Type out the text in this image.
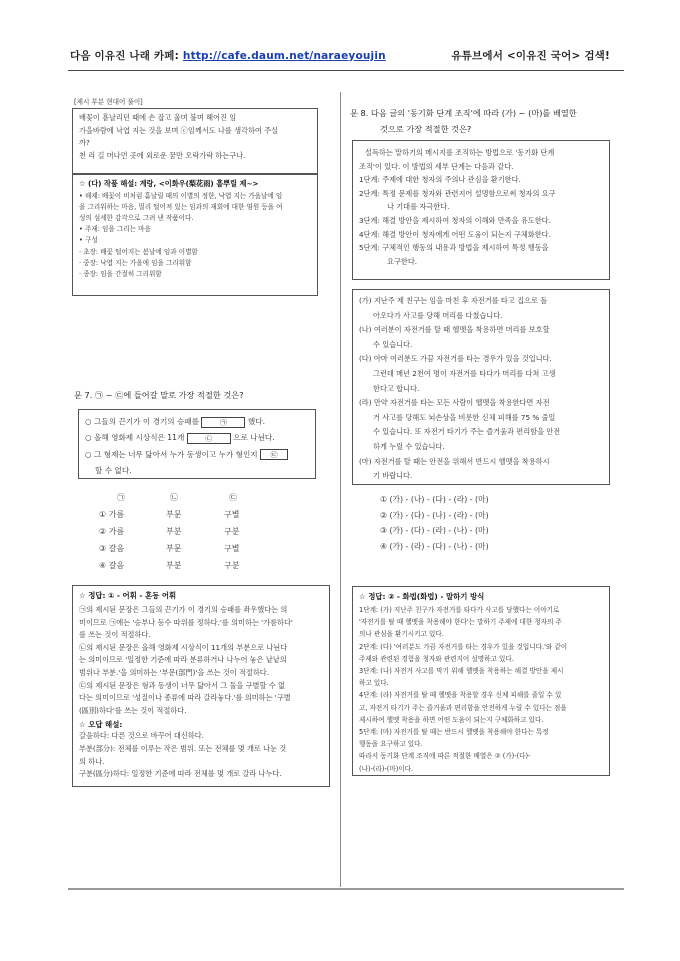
다음 이유진 나래 카페: http://cafe.daum.net/naraeyoujin	유튜브에서 <이유진 국어> 검색!
[제시 부분 현대어 풀이]
배꽃이 흩날리던 때에 손 잡고 울며 불며 헤어진 임
가을바람에 낙엽 지는 것을 보며 ⓒ임께서도 나를 생각하여 주실
까?
천 리 길 머나먼 곳에 외로운 꿈만 오락가락 하는구나.
☆ (다) 작품 해설: 계랑, <이화우(梨花雨) 흩뿌릴 제~>
• 해제: 배꽃이 비처럼 흩날릴 때의 이별의 정한, 낙엽 지는 가을날에 임
을 그리워하는 마음, 멀리 떨어져 있는 임과의 재회에 대한 염원 등을 여
성의 섬세한 감각으로 그려 낸 작품이다.
• 주제: 임을 그리는 마음
• 구성
· 초장: 배꽃 떨어지는 봄날에 임과 이별함
· 중장: 낙엽 지는 가을에 임을 그리워함
· 종장: 임을 간절히 그리워함
문 7. ㉠ ~ ㉢에 들어갈 말로 가장 적절한 것은?
○ 그들의 끈기가 이 경기의 승패를	㉠	했다.
○ 올해 영화제 시상식은 11개	㉡	으로 나뉜다.
○ 그 형제는 너무 닮아서 누가 동생이고 누가 형인지 ㉢
할 수 없다.
㉠	㉡	㉢
① 가름	부문	구별
② 가름	부분	구분
③ 갈음	부문	구별
④ 갈음	부분	구분
☆ 정답: ① - 어휘 - 혼동 어휘
㉠의 제시된 문장은 그들의 끈기가 이 경기의 승패를 좌우했다는 의
미이므로 ㉠에는 '승부나 등수 따위를 정하다.'를 의미하는 '가름하다'
를 쓰는 것이 적절하다.
㉡의 제시된 문장은 올해 영화제 시상식이 11개의 부분으로 나뉜다
는 의미이므로 '일정한 기준에 따라 분류하거나 나누어 놓은 낱낱의
범위나 부분.'을 의미하는 '부문(部門)'을 쓰는 것이 적절하다.
㉢의 제시된 문장은 형과 동생이 너무 닮아서 그 둘을 구별할 수 없
다는 의미이므로 '성질이나 종류에 따라 갈라놓다.'를 의미하는 '구별
(區別)하다'를 쓰는 것이 적절하다.
☆ 오답 해설:
갈음하다: 다른 것으로 바꾸어 대신하다.
부분(部分): 전체를 이루는 작은 범위. 또는 전체를 몇 개로 나눈 것
의 하나.
구분(區分)하다: 일정한 기준에 따라 전체를 몇 개로 갈라 나누다.
문 8. 다음 글의 '동기화 단계 조직'에 따라 (가) ~ (마)를 배열한
것으로 가장 적절한 것은?
설득하는 말하기의 메시지를 조직하는 방법으로 '동기화 단계
조직'이 있다. 이 방법의 세부 단계는 다음과 같다.
1단계: 주제에 대한 청자의 주의나 관심을 환기한다.
2단계: 특정 문제를 청자와 관련지어 설명함으로써 청자의 요구
나 기대를 자극한다.
3단계: 해결 방안을 제시하여 청자의 이해와 만족을 유도한다.
4단계: 해결 방안이 청자에게 어떤 도움이 되는지 구체화한다.
5단계: 구체적인 행동의 내용과 방법을 제시하여 특정 행동을
요구한다.
(가) 지난주 제 친구는 임을 마친 후 자전거를 타고 집으로 돌
아오다가 사고를 당해 머리를 다쳤습니다.
(나) 여러분이 자전거를 탈 때 헬멧을 착용하면 머리를 보호할
수 있습니다.
(다) 아마 여러분도 가끔 자전거를 타는 경우가 있을 것입니다.
그런데 매년 2천여 명이 자전거를 타다가 머리를 다쳐 고생
한다고 합니다.
(라) 만약 자전거를 타는 모든 사람이 헬멧을 착용한다면 자전
거 사고를 당해도 뇌손상을 비롯한 신체 피해를 75 % 줄일
수 있습니다. 또 자전거 타기가 주는 즐거움과 편리함을 안전
하게 누릴 수 있습니다.
(마) 자전거를 탈 때는 안전을 위해서 반드시 헬멧을 착용하시
기 바랍니다.
① (가) - (나) - (다) - (라) - (마)
② (가) - (다) - (나) - (라) - (마)
③ (가) - (다) - (라) - (나) - (마)
④ (가) - (라) - (다) - (나) - (마)
☆ 정답: ② - 화법(화법) - 말하기 방식
1단계: (가) 지난주 친구가 자전거를 타다가 사고를 당했다는 이야기로
'자전거를 탈 때 헬멧을 착용해야 한다'는 말하기 주제에 대한 청자의 주
의나 관심을 환기시키고 있다.
2단계: (다) '여러분도 가끔 자전거를 타는 경우가 있을 것입니다.'와 같이
주제와 관련된 경험을 청자와 관련지어 설명하고 있다.
3단계: (나) 자전거 사고를 막기 위해 헬멧을 착용하는 해결 방안을 제시
하고 있다.
4단계: (라) 자전거를 탈 때 헬멧을 착용할 경우 신체 피해를 줄일 수 있
고, 자전거 타기가 주는 즐거움과 편리함을 안전하게 누릴 수 있다는 점을
제시하여 헬멧 착용을 하면 어떤 도움이 되는지 구체화하고 있다.
5단계: (마) 자전거를 탈 때는 반드시 헬멧을 착용해야 한다는 특정
행동을 요구하고 있다.
따라서 동기화 단계 조직에 따른 적절한 배열은 ② (가)-(다)-
(나)-(라)-(마)이다.
